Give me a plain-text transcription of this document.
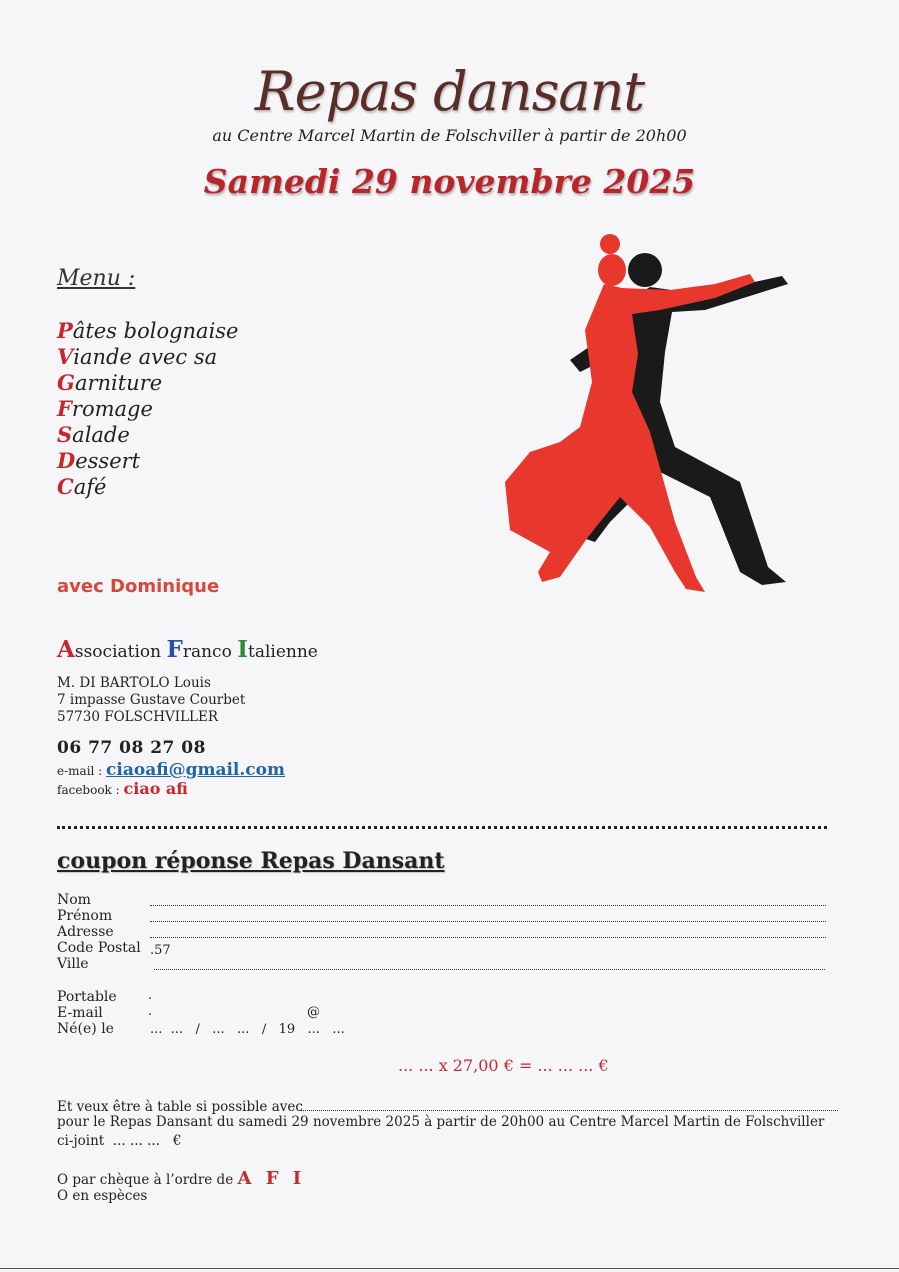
Repas dansant
au Centre Marcel Martin de Folschviller à partir de 20h00
Samedi 29 novembre 2025
Menu :
Pâtes bolognaise
Viande avec sa
Garniture
Fromage
Salade
Dessert
Café
avec Dominique
Association Franco Italienne
M. DI BARTOLO Louis
7 impasse Gustave Courbet
57730 FOLSCHVILLER
06 77 08 27 08
e-mail : ciaoafi@gmail.com
facebook : ciao afi
coupon réponse Repas Dansant
Nom
Prénom
Adresse
Code Postal .57
Ville
Portable .
E-mail	.	@
Né(e) le	...  ...   /   ...   ...   /   19   ...   ...
... ... x 27,00 € = ... ... ... €
Et veux être à table si possible avec
pour le Repas Dansant du samedi 29 novembre 2025 à partir de 20h00 au Centre Marcel Martin de Folschviller
ci-joint  ... ... ...   €
O par chèque à l’ordre de A F I
O en espèces
